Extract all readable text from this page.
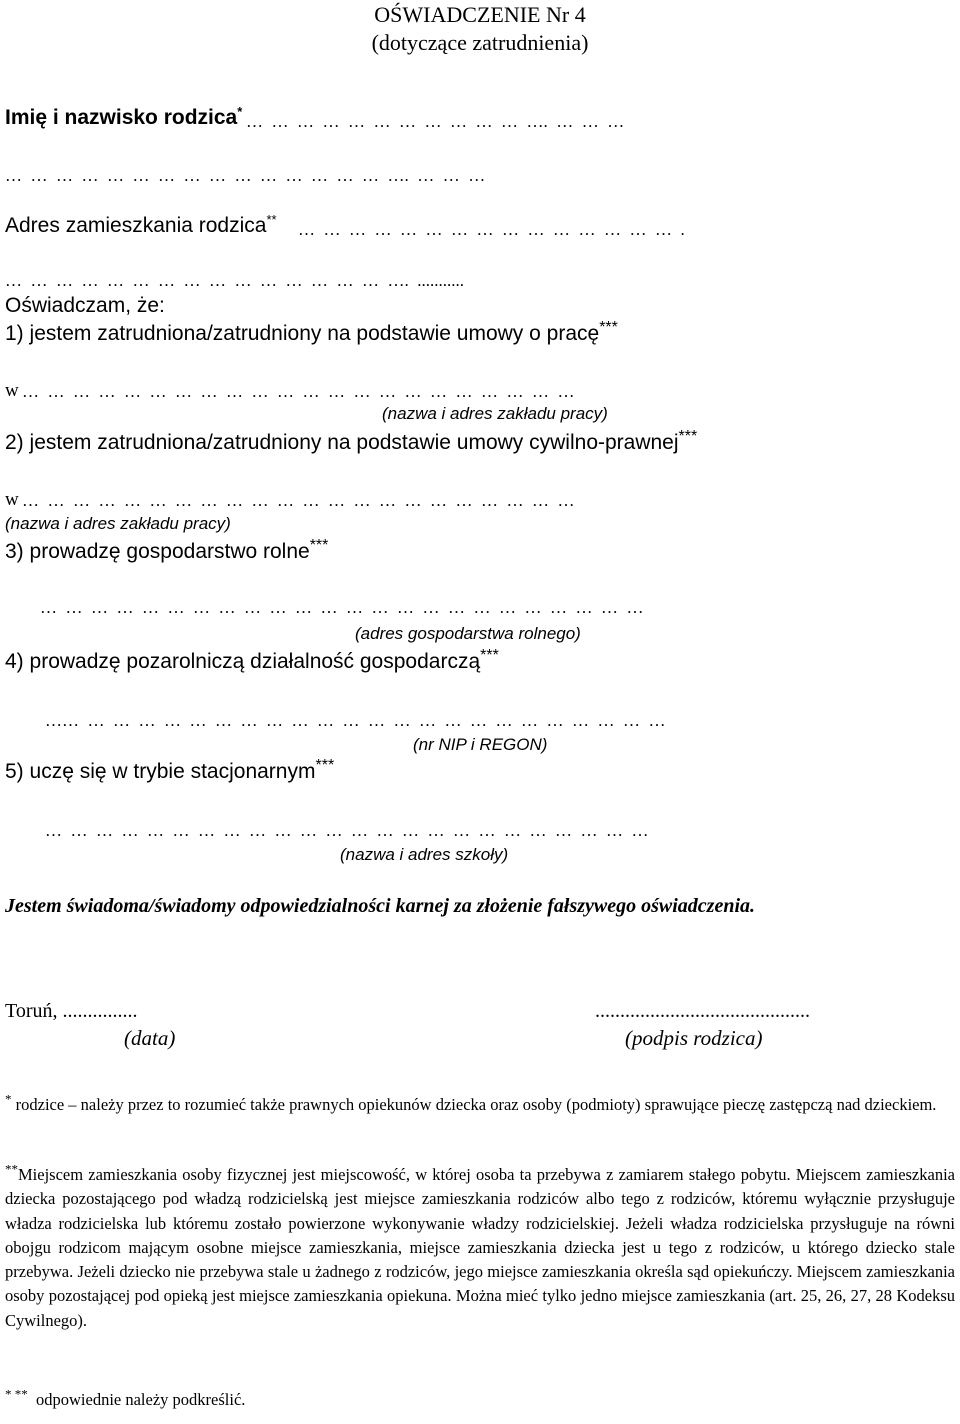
OŚWIADCZENIE Nr 4
(dotyczące zatrudnienia)
Imię i nazwisko rodzica*
…  …  …  …  …  …  …  …  …  …  …  ….  …  …  …
…  …  …  …  …  …  …  …  …  …  …  …  …  …  …  ….  …  …  …
Adres zamieszkania rodzica**
…  …  …  …  …  …  …  …  …  …  …  …  …  …  …  .
…  …  …  …  …  …  …  …  …  …  …  …  …  …  …  ….  ...........
Oświadczam, że:
1) jestem zatrudniona/zatrudniony na podstawie umowy o pracę***
w …  …  …  …  …  …  …  …  …  …  …  …  …  …  …  …  …  …  …  …  …  …
(nazwa i adres zakładu pracy)
2) jestem zatrudniona/zatrudniony na podstawie umowy cywilno-prawnej***
w …  …  …  …  …  …  …  …  …  …  …  …  …  …  …  …  …  …  …  …  …  …
(nazwa i adres zakładu pracy)
3) prowadzę gospodarstwo rolne***
…  …  …  …  …  …  …  …  …  …  …  …  …  …  …  …  …  …  …  …  …  …  …  …
(adres gospodarstwa rolnego)
4) prowadzę pozarolniczą działalność gospodarczą***
……  …  …  …  …  …  …  …  …  …  …  …  …  …  …  …  …  …  …  …  …  …  …  …
(nr NIP i REGON)
5) uczę się w trybie stacjonarnym***
…  …  …  …  …  …  …  …  …  …  …  …  …  …  …  …  …  …  …  …  …  …  …  …
(nazwa i adres szkoły)
Jestem świadoma/świadomy odpowiedzialności karnej za złożenie fałszywego oświadczenia.
Toruń, ...............
(data)
...........................................
(podpis rodzica)

* rodzice – należy przez to rozumieć także prawnych opiekunów dziecka oraz osoby (podmioty) sprawujące pieczę zastępczą nad dzieckiem.

**Miejscem zamieszkania osoby fizycznej jest miejscowość, w której osoba ta przebywa z zamiarem stałego pobytu. Miejscem zamieszkania dziecka pozostającego pod władzą rodzicielską jest miejsce zamieszkania rodziców albo tego z rodziców, któremu wyłącznie przysługuje władza rodzicielska lub któremu zostało powierzone wykonywanie władzy rodzicielskiej. Jeżeli władza rodzicielska przysługuje na równi obojgu rodzicom mającym osobne miejsce zamieszkania, miejsce zamieszkania dziecka jest u tego z rodziców, u którego dziecko stale przebywa. Jeżeli dziecko nie przebywa stale u żadnego z rodziców, jego miejsce zamieszkania określa sąd opiekuńczy. Miejscem zamieszkania osoby pozostającej pod opieką jest miejsce zamieszkania opiekuna. Można mieć tylko jedno miejsce zamieszkania (art. 25, 26, 27, 28 Kodeksu Cywilnego).

* ** odpowiednie należy podkreślić.
